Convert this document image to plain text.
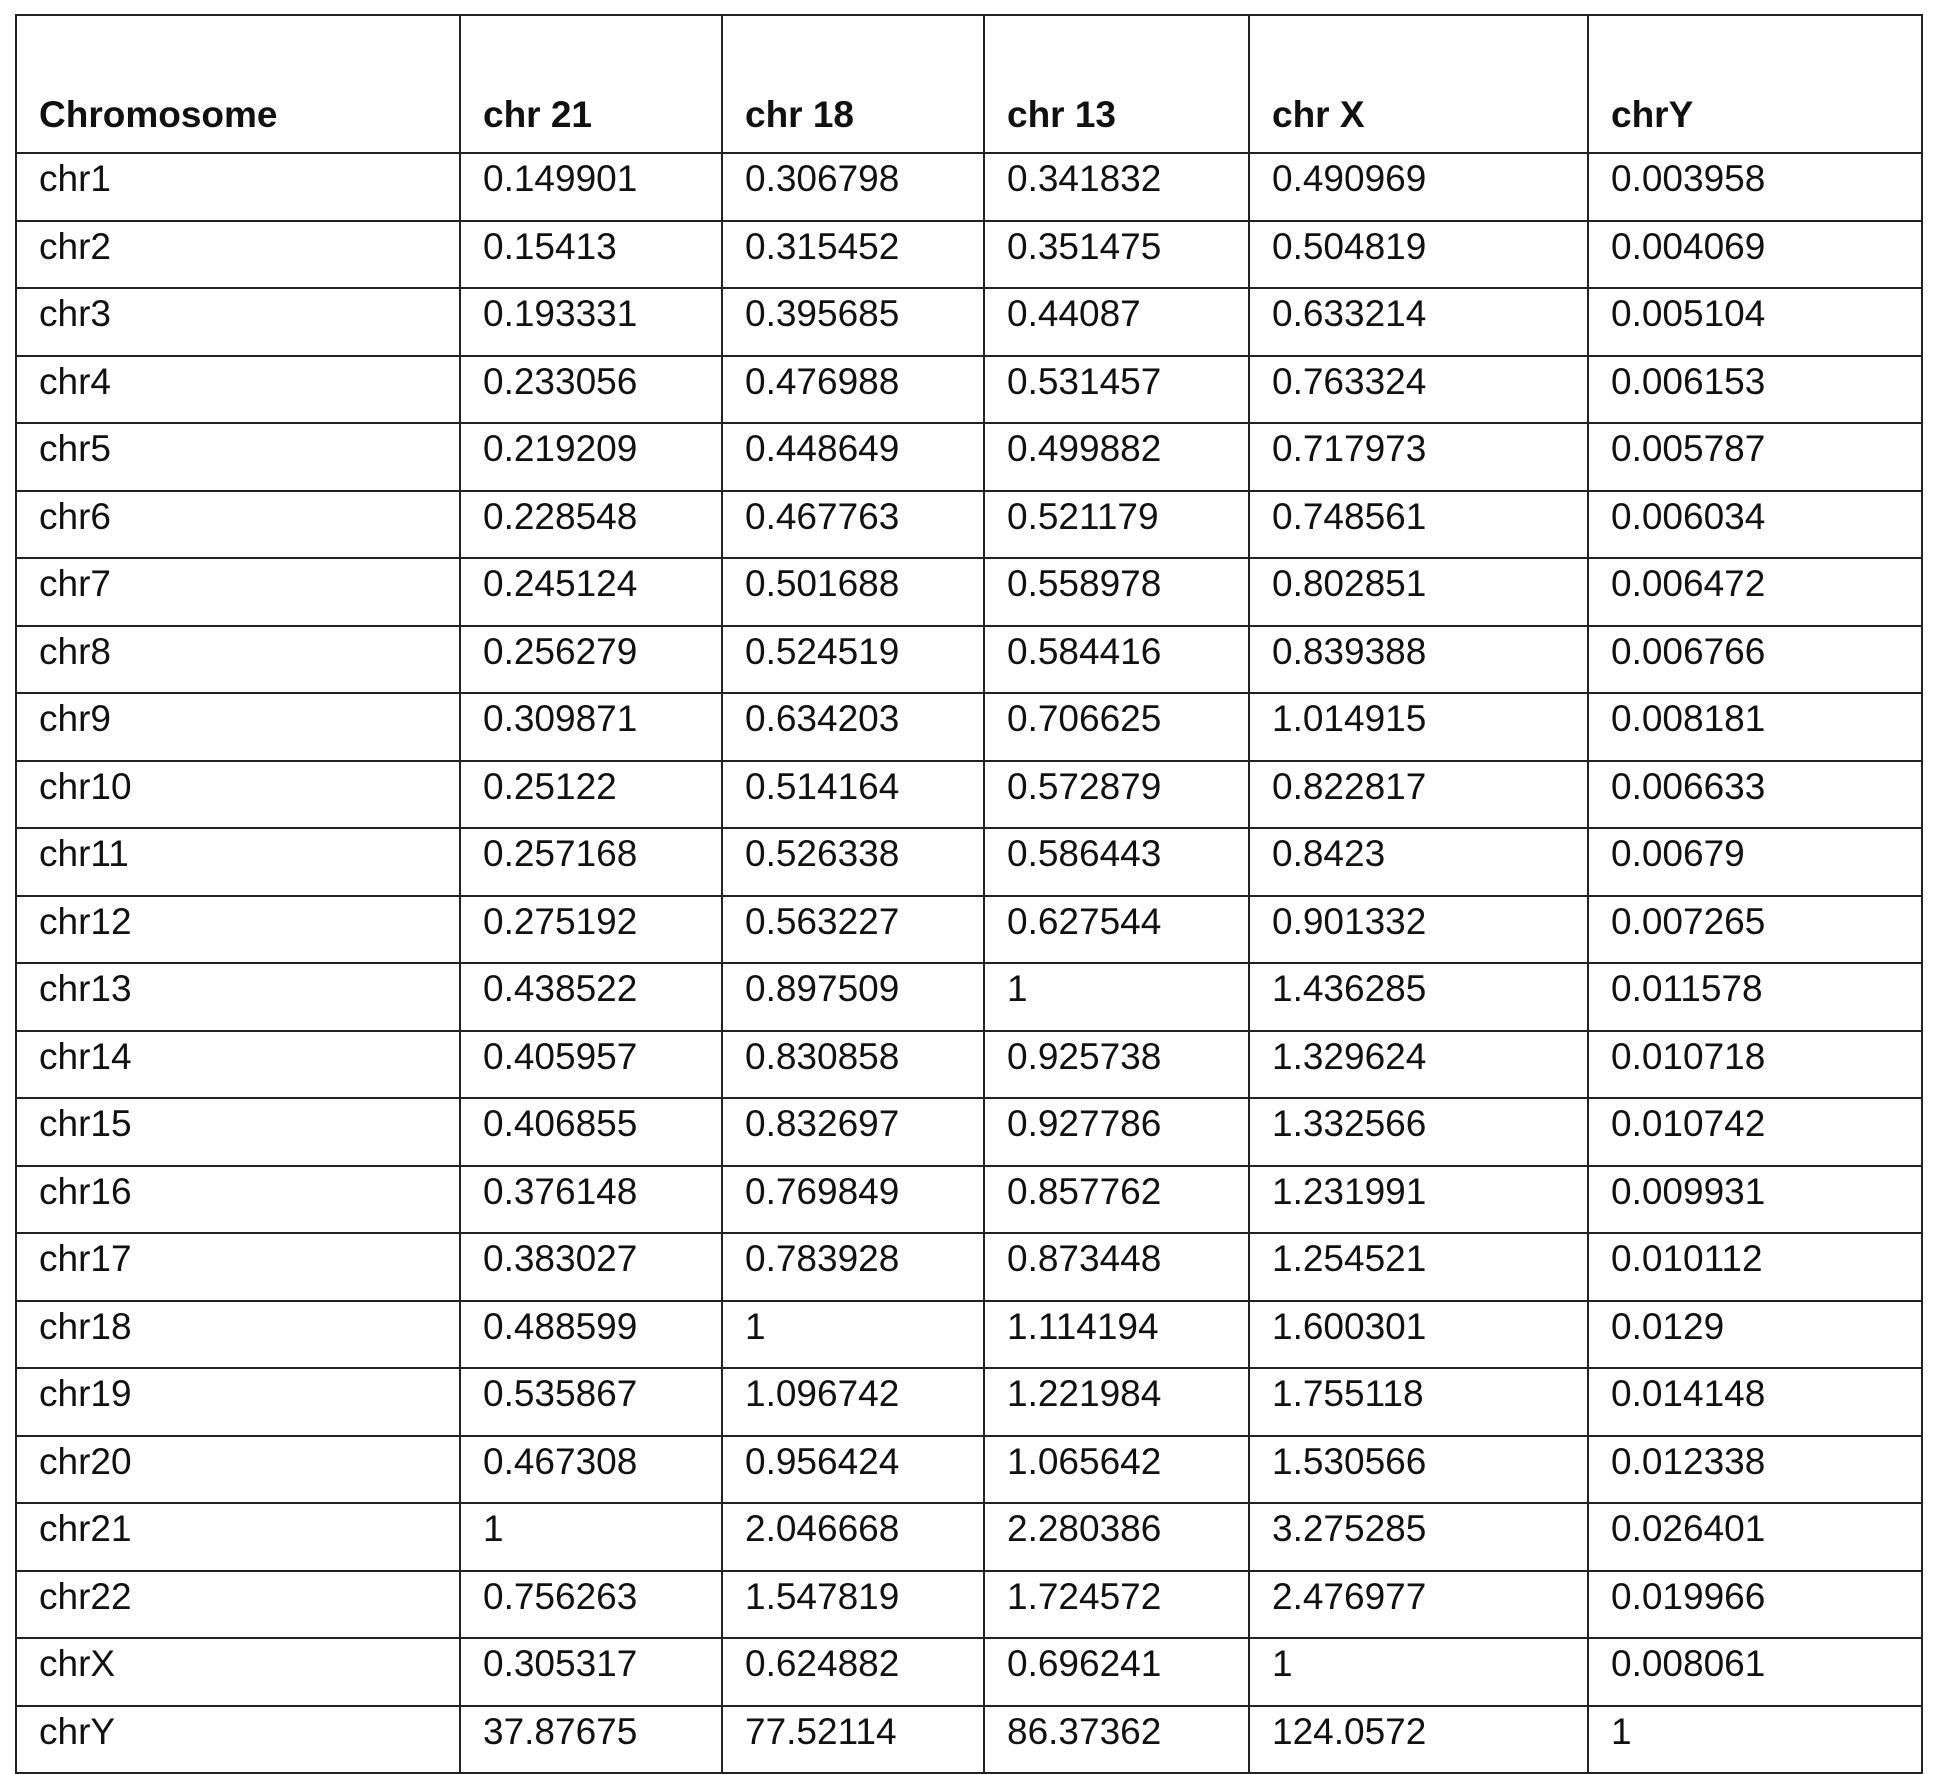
Chromosome	chr 21	chr 18	chr 13	chr X	chrY
chr1	0.149901	0.306798	0.341832	0.490969	0.003958
chr2	0.15413	0.315452	0.351475	0.504819	0.004069
chr3	0.193331	0.395685	0.44087	0.633214	0.005104
chr4	0.233056	0.476988	0.531457	0.763324	0.006153
chr5	0.219209	0.448649	0.499882	0.717973	0.005787
chr6	0.228548	0.467763	0.521179	0.748561	0.006034
chr7	0.245124	0.501688	0.558978	0.802851	0.006472
chr8	0.256279	0.524519	0.584416	0.839388	0.006766
chr9	0.309871	0.634203	0.706625	1.014915	0.008181
chr10	0.25122	0.514164	0.572879	0.822817	0.006633
chr11	0.257168	0.526338	0.586443	0.8423	0.00679
chr12	0.275192	0.563227	0.627544	0.901332	0.007265
chr13	0.438522	0.897509	1	1.436285	0.011578
chr14	0.405957	0.830858	0.925738	1.329624	0.010718
chr15	0.406855	0.832697	0.927786	1.332566	0.010742
chr16	0.376148	0.769849	0.857762	1.231991	0.009931
chr17	0.383027	0.783928	0.873448	1.254521	0.010112
chr18	0.488599	1	1.114194	1.600301	0.0129
chr19	0.535867	1.096742	1.221984	1.755118	0.014148
chr20	0.467308	0.956424	1.065642	1.530566	0.012338
chr21	1	2.046668	2.280386	3.275285	0.026401
chr22	0.756263	1.547819	1.724572	2.476977	0.019966
chrX	0.305317	0.624882	0.696241	1	0.008061
chrY	37.87675	77.52114	86.37362	124.0572	1
